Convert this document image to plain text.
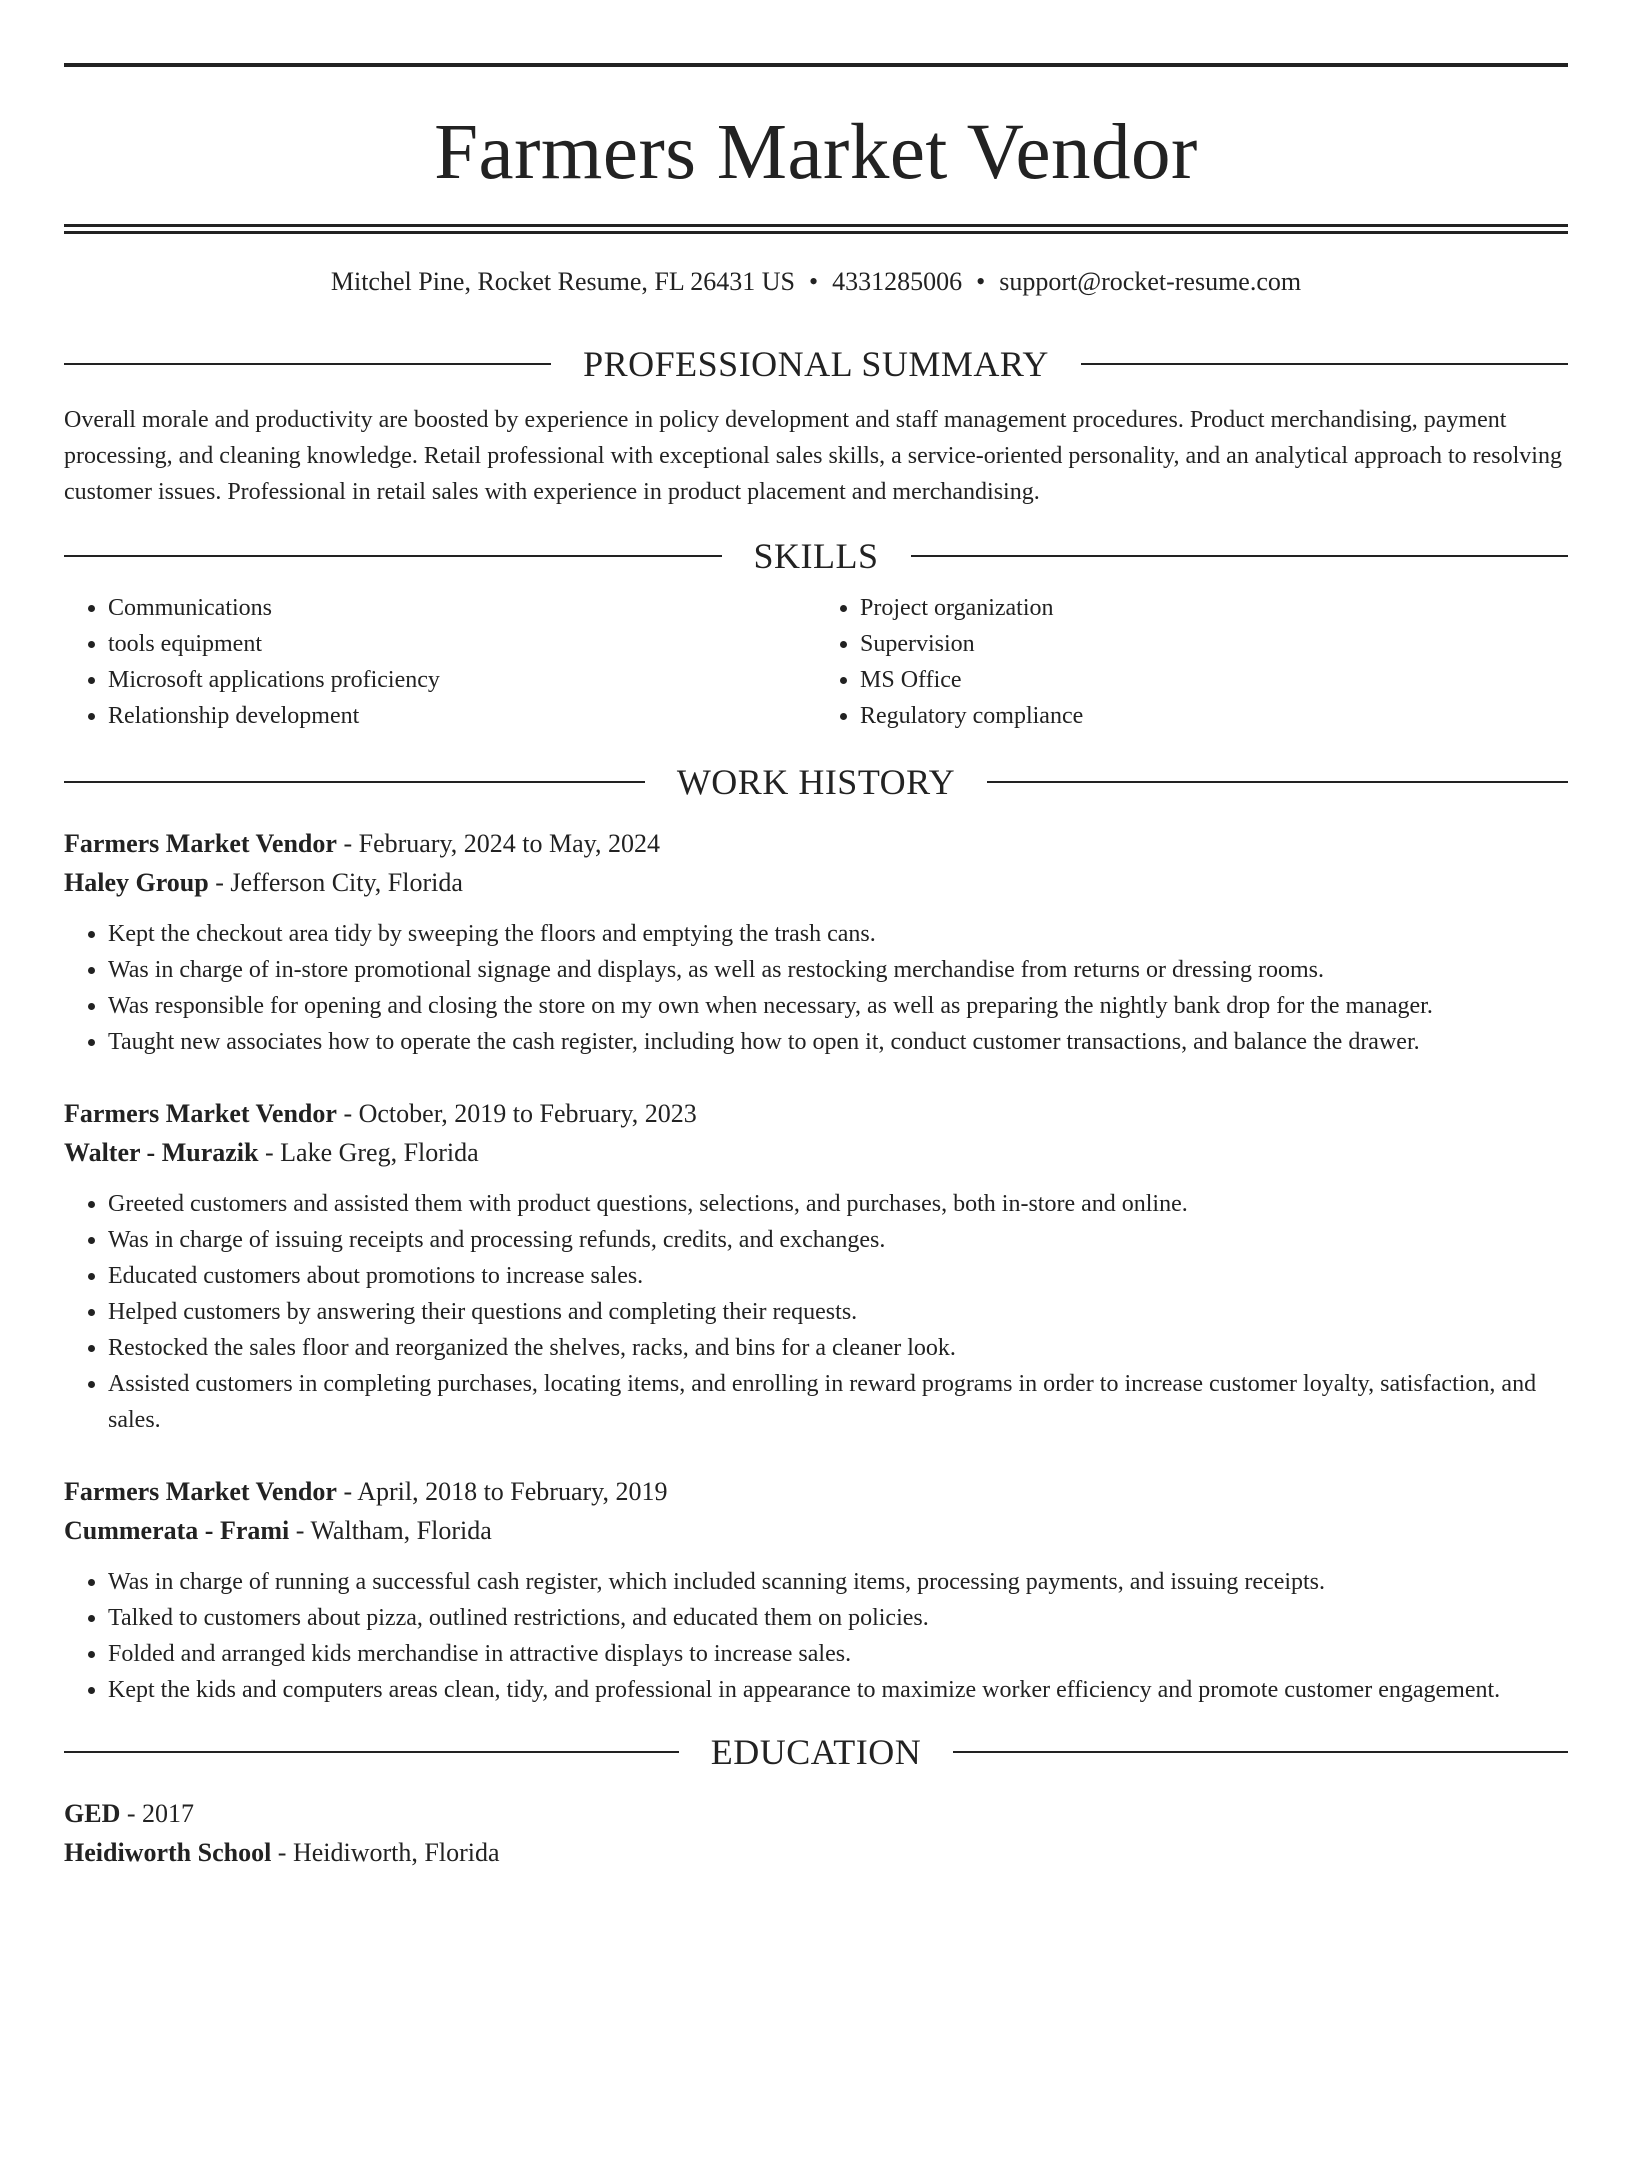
Farmers Market Vendor
Mitchel Pine, Rocket Resume, FL 26431 US • 4331285006 • support@rocket-resume.com
PROFESSIONAL SUMMARY
Overall morale and productivity are boosted by experience in policy development and staff management procedures. Product merchandising, payment processing, and cleaning knowledge. Retail professional with exceptional sales skills, a service-oriented personality, and an analytical approach to resolving customer issues. Professional in retail sales with experience in product placement and merchandising.
SKILLS
• Communications
• tools equipment
• Microsoft applications proficiency
• Relationship development
• Project organization
• Supervision
• MS Office
• Regulatory compliance
WORK HISTORY
Farmers Market Vendor - February, 2024 to May, 2024
Haley Group - Jefferson City, Florida
• Kept the checkout area tidy by sweeping the floors and emptying the trash cans.
• Was in charge of in-store promotional signage and displays, as well as restocking merchandise from returns or dressing rooms.
• Was responsible for opening and closing the store on my own when necessary, as well as preparing the nightly bank drop for the manager.
• Taught new associates how to operate the cash register, including how to open it, conduct customer transactions, and balance the drawer.
Farmers Market Vendor - October, 2019 to February, 2023
Walter - Murazik - Lake Greg, Florida
• Greeted customers and assisted them with product questions, selections, and purchases, both in-store and online.
• Was in charge of issuing receipts and processing refunds, credits, and exchanges.
• Educated customers about promotions to increase sales.
• Helped customers by answering their questions and completing their requests.
• Restocked the sales floor and reorganized the shelves, racks, and bins for a cleaner look.
• Assisted customers in completing purchases, locating items, and enrolling in reward programs in order to increase customer loyalty, satisfaction, and sales.
Farmers Market Vendor - April, 2018 to February, 2019
Cummerata - Frami - Waltham, Florida
• Was in charge of running a successful cash register, which included scanning items, processing payments, and issuing receipts.
• Talked to customers about pizza, outlined restrictions, and educated them on policies.
• Folded and arranged kids merchandise in attractive displays to increase sales.
• Kept the kids and computers areas clean, tidy, and professional in appearance to maximize worker efficiency and promote customer engagement.
EDUCATION
GED - 2017
Heidiworth School - Heidiworth, Florida
